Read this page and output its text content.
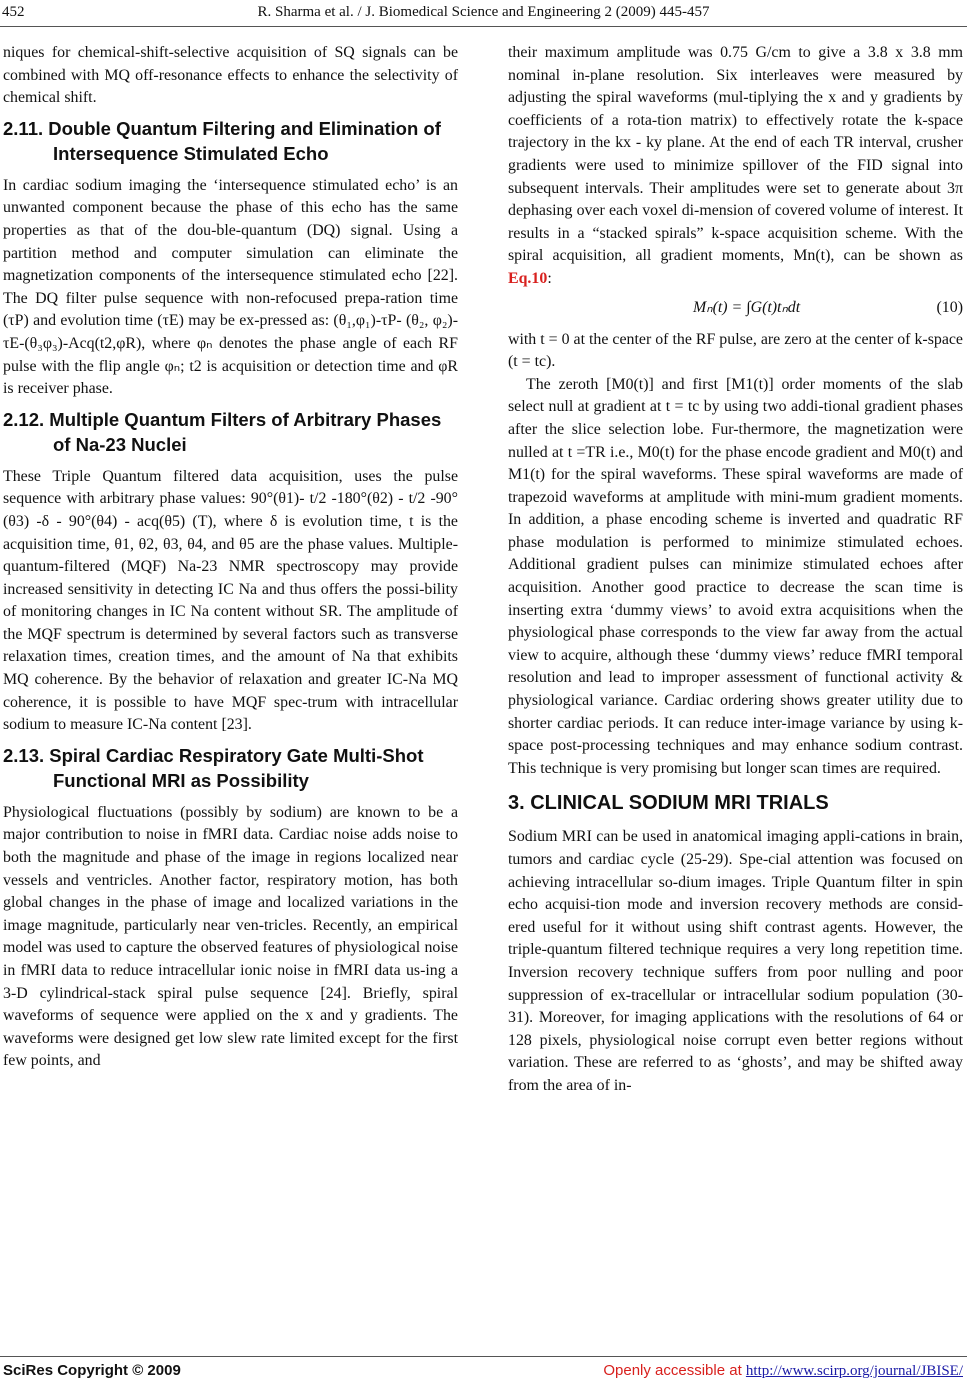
452	R. Sharma et al. / J. Biomedical Science and Engineering 2 (2009) 445-457

niques for chemical-shift-selective acquisition of SQ signals can be combined with MQ off-resonance effects to enhance the selectivity of chemical shift.

2.11. Double Quantum Filtering and Elimination of Intersequence Stimulated Echo

In cardiac sodium imaging the ‘intersequence stimulated echo’ is an unwanted component because the phase of this echo has the same properties as that of the dou-ble-quantum (DQ) signal. Using a partition method and computer simulation can eliminate the magnetization components of the intersequence stimulated echo [22]. The DQ filter pulse sequence with non-refocused prepa-ration time (τP) and evolution time (τE) may be ex-pressed as: (θ₁,φ₁)-τP- (θ₂, φ₂)-τE-(θ₃φ₃)-Acq(t2,φR), where φₙ denotes the phase angle of each RF pulse with the flip angle φₙ; t2 is acquisition or detection time and φR is receiver phase.

2.12. Multiple Quantum Filters of Arbitrary Phases of Na-23 Nuclei

These Triple Quantum filtered data acquisition, uses the pulse sequence with arbitrary phase values: 90°(θ1)- t/2 -180°(θ2) - t/2 -90°(θ3) -δ - 90°(θ4) - acq(θ5) (T), where δ is evolution time, t is the acquisition time, θ1, θ2, θ3, θ4, and θ5 are the phase values. Multiple-quantum-filtered (MQF) Na-23 NMR spectroscopy may provide increased sensitivity in detecting IC Na and thus offers the possi-bility of monitoring changes in IC Na content without SR. The amplitude of the MQF spectrum is determined by several factors such as transverse relaxation times, creation times, and the amount of Na that exhibits MQ coherence. By the behavior of relaxation and greater IC-Na MQ coherence, it is possible to have MQF spec-trum with intracellular sodium to measure IC-Na content [23].

2.13. Spiral Cardiac Respiratory Gate Multi-Shot Functional MRI as Possibility

Physiological fluctuations (possibly by sodium) are known to be a major contribution to noise in fMRI data. Cardiac noise adds noise to both the magnitude and phase of the image in regions localized near vessels and ventricles. Another factor, respiratory motion, has both global changes in the phase of image and localized variations in the image magnitude, particularly near ven-tricles. Recently, an empirical model was used to capture the observed features of physiological noise in fMRI data to reduce intracellular ionic noise in fMRI data us-ing a 3-D cylindrical-stack spiral pulse sequence [24]. Briefly, spiral waveforms of sequence were applied on the x and y gradients. The waveforms were designed get low slew rate limited except for the first few points, and

their maximum amplitude was 0.75 G/cm to give a 3.8 x 3.8 mm nominal in-plane resolution. Six interleaves were measured by adjusting the spiral waveforms (mul-tiplying the x and y gradients by coefficients of a rota-tion matrix) to effectively rotate the k-space trajectory in the kx - ky plane. At the end of each TR interval, crusher gradients were used to minimize spillover of the FID signal into subsequent intervals. Their amplitudes were set to generate about 3π dephasing over each voxel di-mension of covered volume of interest. It results in a “stacked spirals” k-space acquisition scheme. With the spiral acquisition, all gradient moments, Mn(t), can be shown as Eq.10:

Mₙ(t) = ∫G(t)tₙdt	(10)

with t = 0 at the center of the RF pulse, are zero at the center of k-space (t = tc).

The zeroth [M0(t)] and first [M1(t)] order moments of the slab select null at gradient at t = tc by using two addi-tional gradient phases after the slice selection lobe. Fur-thermore, the magnetization were nulled at t =TR i.e., M0(t) for the phase encode gradient and M0(t) and M1(t) for the spiral waveforms. These spiral waveforms are made of trapezoid waveforms at amplitude with mini-mum gradient moments. In addition, a phase encoding scheme is inverted and quadratic RF phase modulation is performed to minimize stimulated echoes. Additional gradient pulses can minimize stimulated echoes after acquisition. Another good practice to decrease the scan time is inserting extra ‘dummy views’ to avoid extra acquisitions when the physiological phase corresponds to the view far away from the actual view to acquire, although these ‘dummy views’ reduce fMRI temporal resolution and lead to improper assessment of functional activity & physiological variance. Cardiac ordering shows greater utility due to shorter cardiac periods. It can reduce inter-image variance by using k-space post-processing techniques and may enhance sodium contrast. This technique is very promising but longer scan times are required.

3. CLINICAL SODIUM MRI TRIALS

Sodium MRI can be used in anatomical imaging appli-cations in brain, tumors and cardiac cycle (25-29). Spe-cial attention was focused on achieving intracellular so-dium images. Triple Quantum filter in spin echo acquisi-tion mode and inversion recovery methods are consid-ered useful for it without using shift contrast agents. However, the triple-quantum filtered technique requires a very long repetition time. Inversion recovery technique suffers from poor nulling and poor suppression of ex-tracellular or intracellular sodium population (30-31). Moreover, for imaging applications with the resolutions of 64 or 128 pixels, physiological noise corrupt even better regions without variation. These are referred to as ‘ghosts’, and may be shifted away from the area of in-

SciRes Copyright © 2009	Openly accessible at http://www.scirp.org/journal/JBISE/
